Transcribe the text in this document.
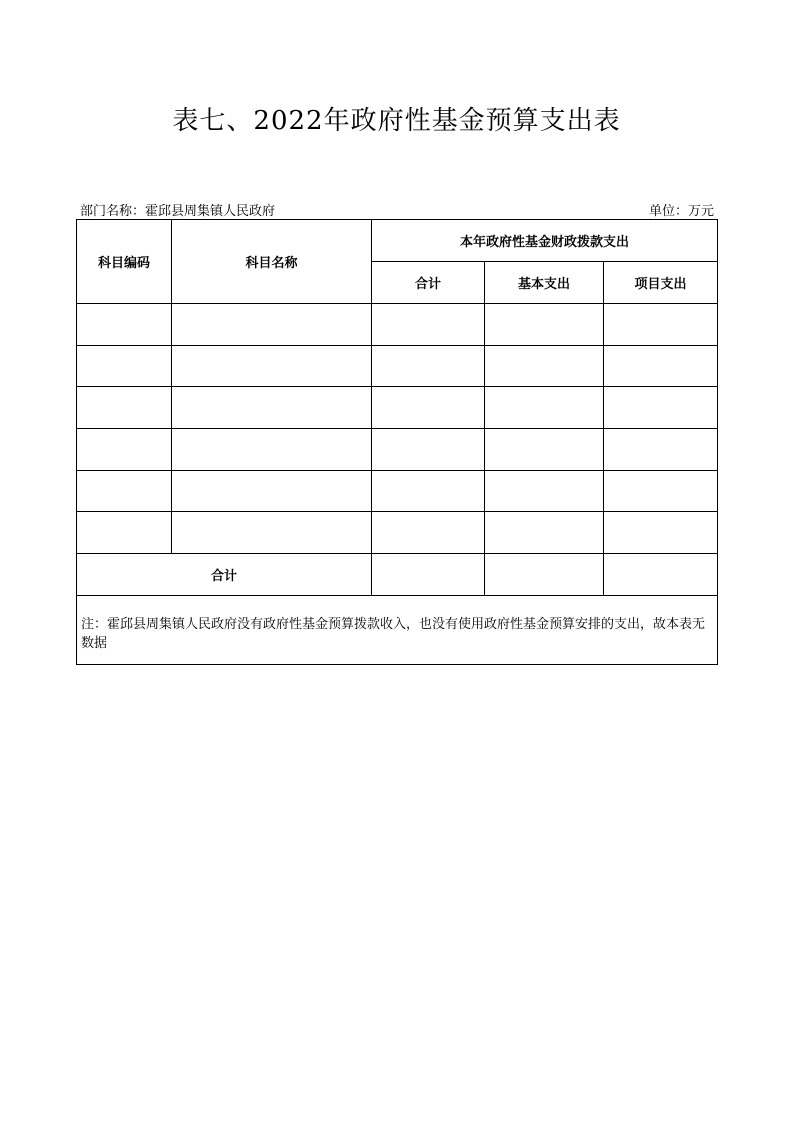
表七、2022年政府性基金预算支出表
部门名称：霍邱县周集镇人民政府	单位：万元
科目编码	科目名称	本年政府性基金财政拨款支出		
		合计	基本支出	项目支出

合计				
注：霍邱县周集镇人民政府没有政府性基金预算拨款收入，也没有使用政府性基金预算安排的支出，故本表无数据				
